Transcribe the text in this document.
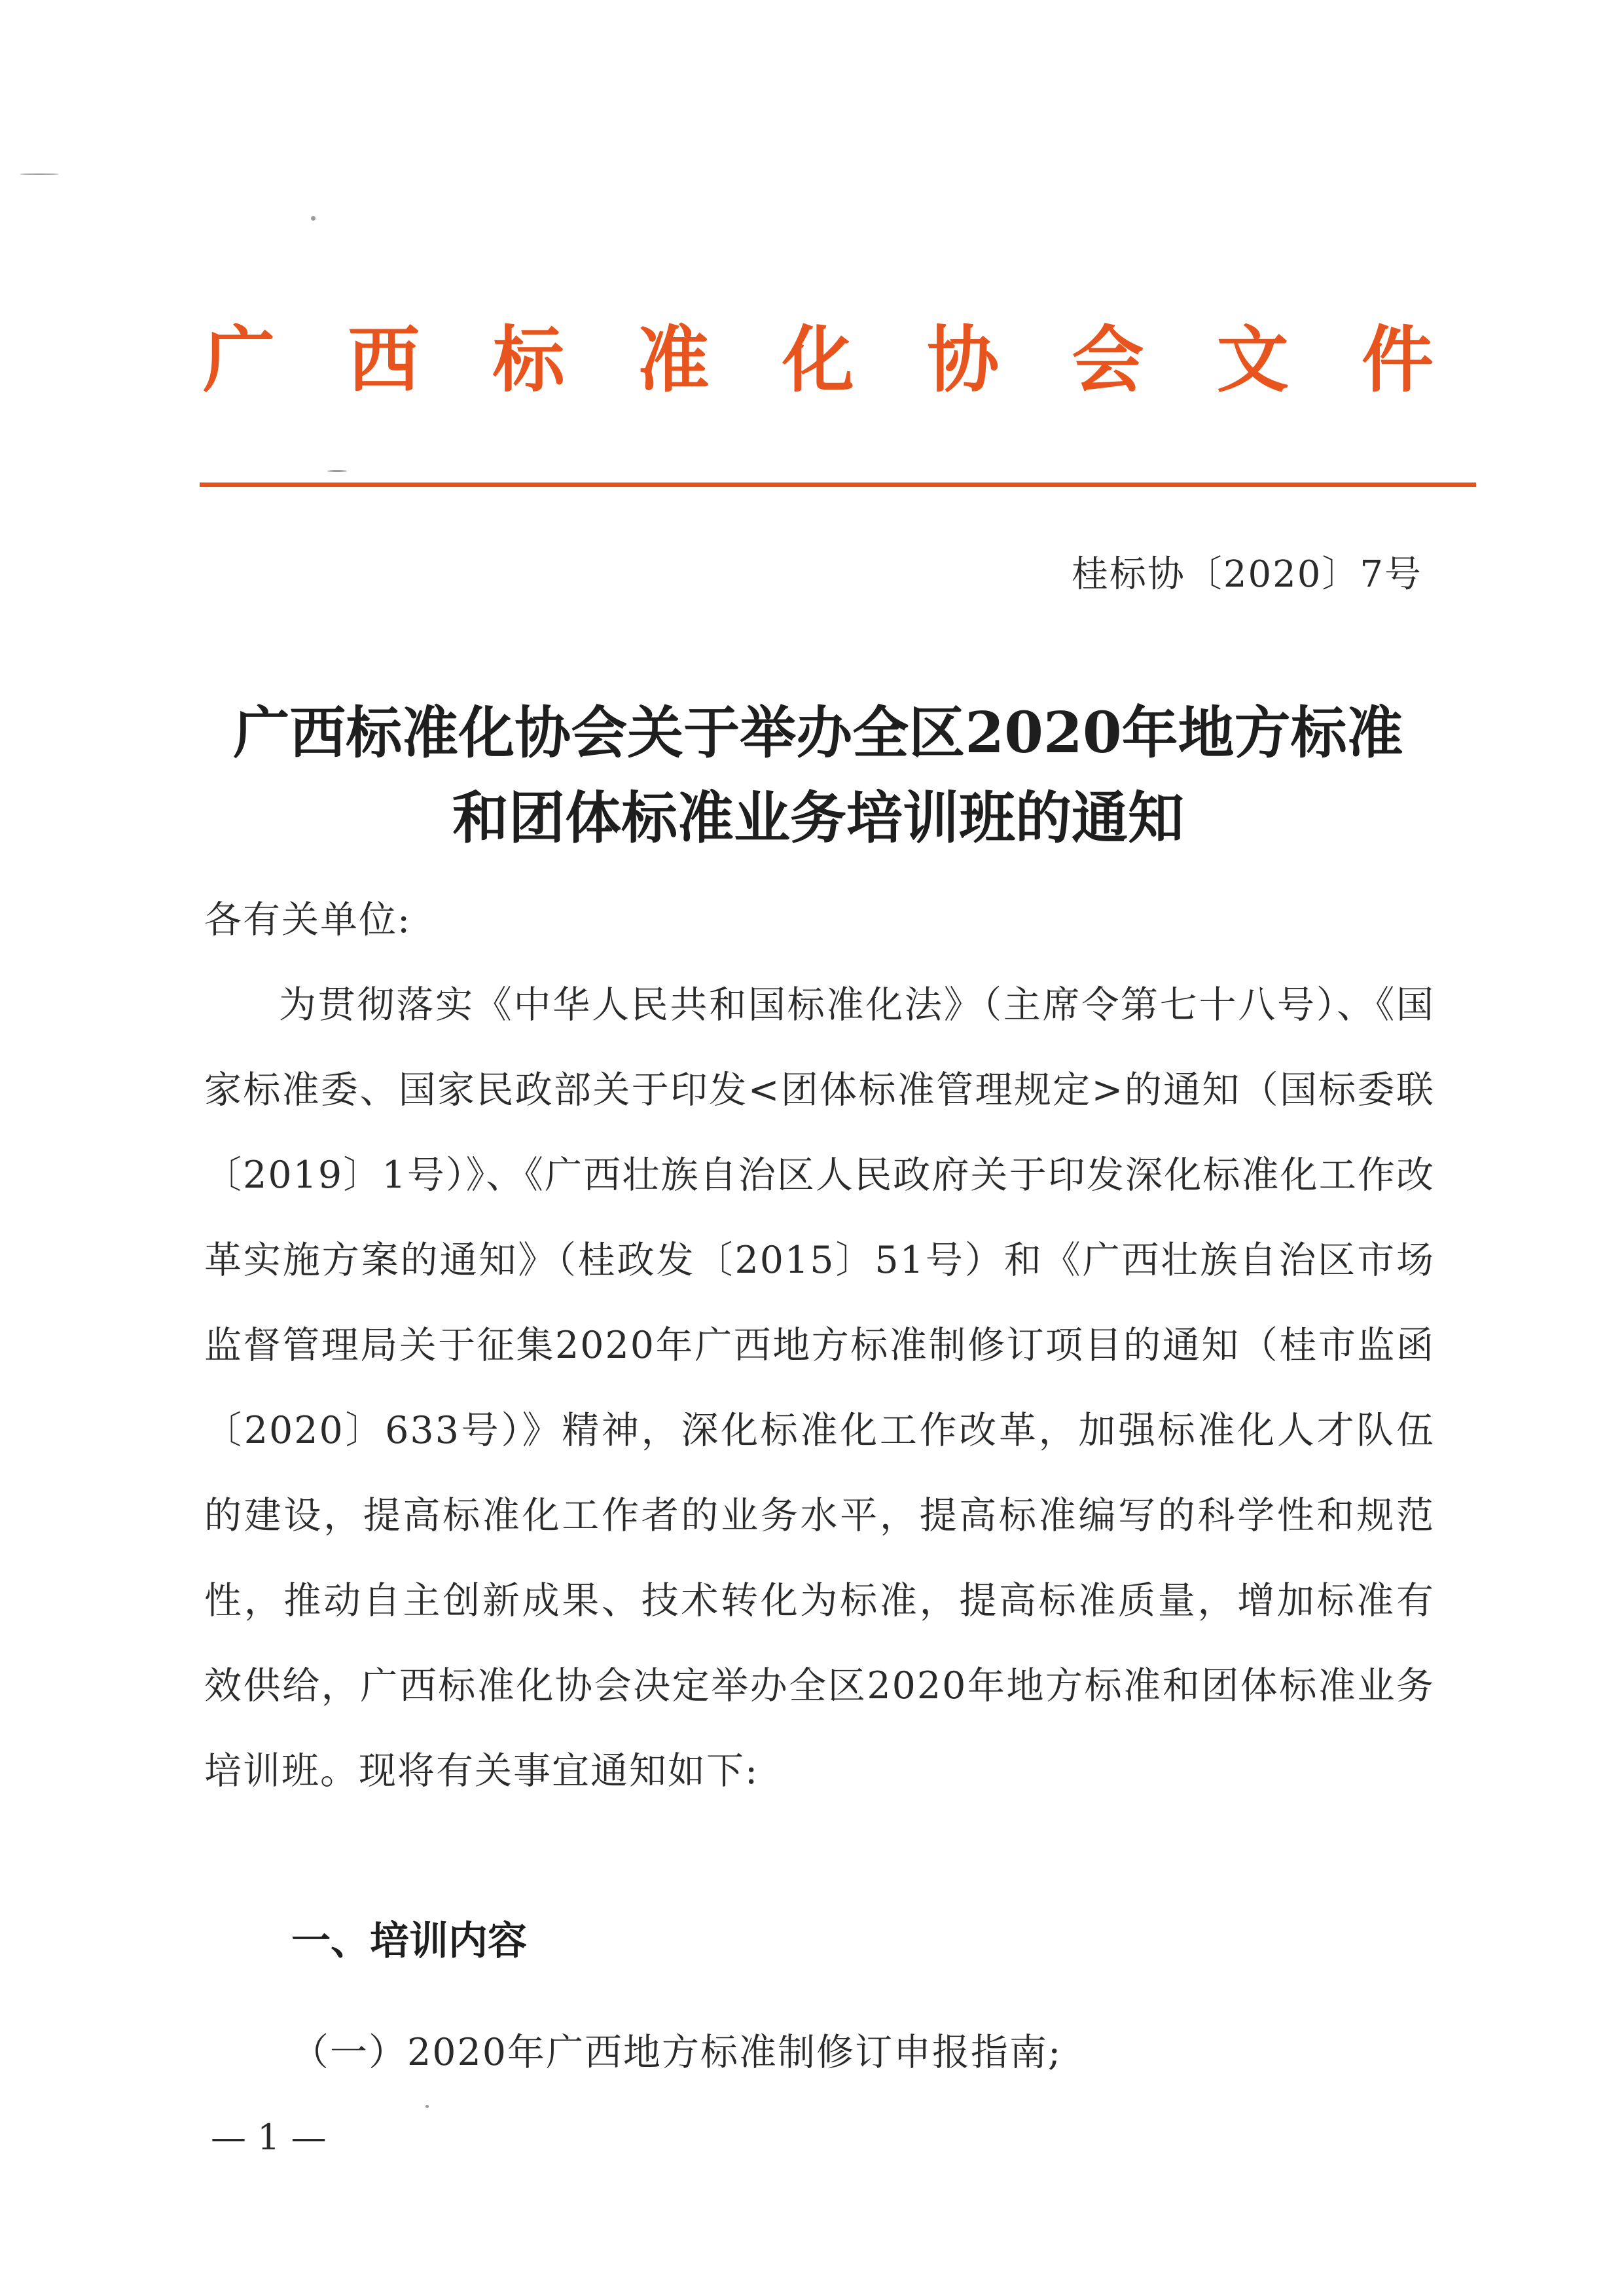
广 西 标 准 化 协 会 文 件
桂标协〔2020〕7号
广西标准化协会关于举办全区2020年地方标准
和团体标准业务培训班的通知

各有关单位:

为贯彻落实《中华人民共和国标准化法》（主席令第七十八号）、《国家标准委、国家民政部关于印发<团体标准管理规定>的通知（国标委联〔2019〕1号）》、《广西壮族自治区人民政府关于印发深化标准化工作改革实施方案的通知》（桂政发〔2015〕51号）和《广西壮族自治区市场监督管理局关于征集2020年广西地方标准制修订项目的通知（桂市监函〔2020〕633号）》精神，深化标准化工作改革，加强标准化人才队伍的建设，提高标准化工作者的业务水平，提高标准编写的科学性和规范性，推动自主创新成果、技术转化为标准，提高标准质量，增加标准有效供给，广西标准化协会决定举办全区2020年地方标准和团体标准业务培训班。现将有关事宜通知如下:

一、培训内容
（一）2020年广西地方标准制修订申报指南;
— 1 —
